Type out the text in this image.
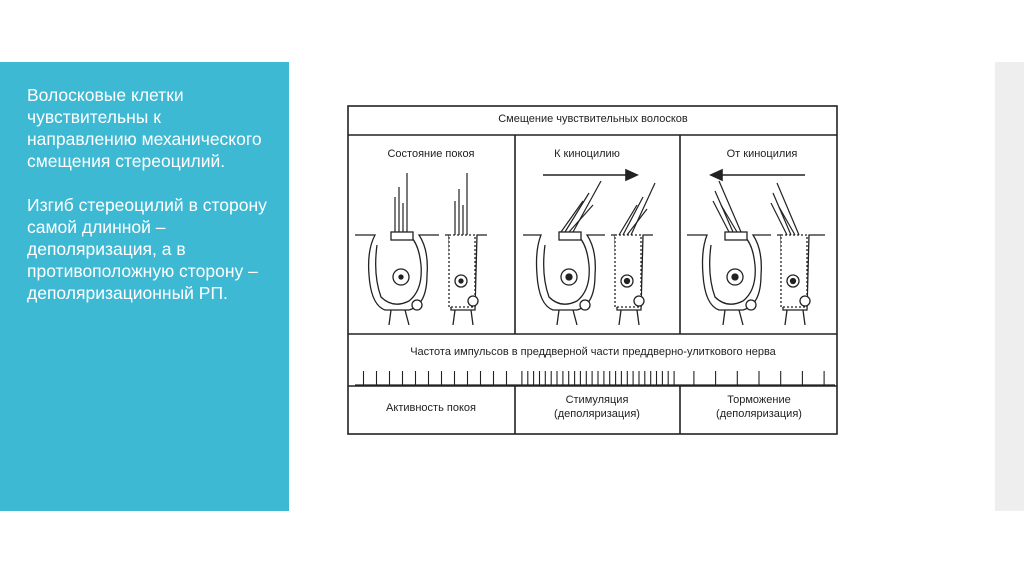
Волосковые клетки чувствительны к направлению механического смещения стереоцилий.

Изгиб стереоцилий в сторону самой длинной – деполяризация, а в противоположную сторону – деполяризационный РП.

Смещение чувствительных волосков
Состояние покоя	К киноцилию	От киноцилия
Частота импульсов в преддверной части преддверно-улиткового нерва
Активность покоя
Стимуляция
(деполяризация)
Торможение
(деполяризация)
